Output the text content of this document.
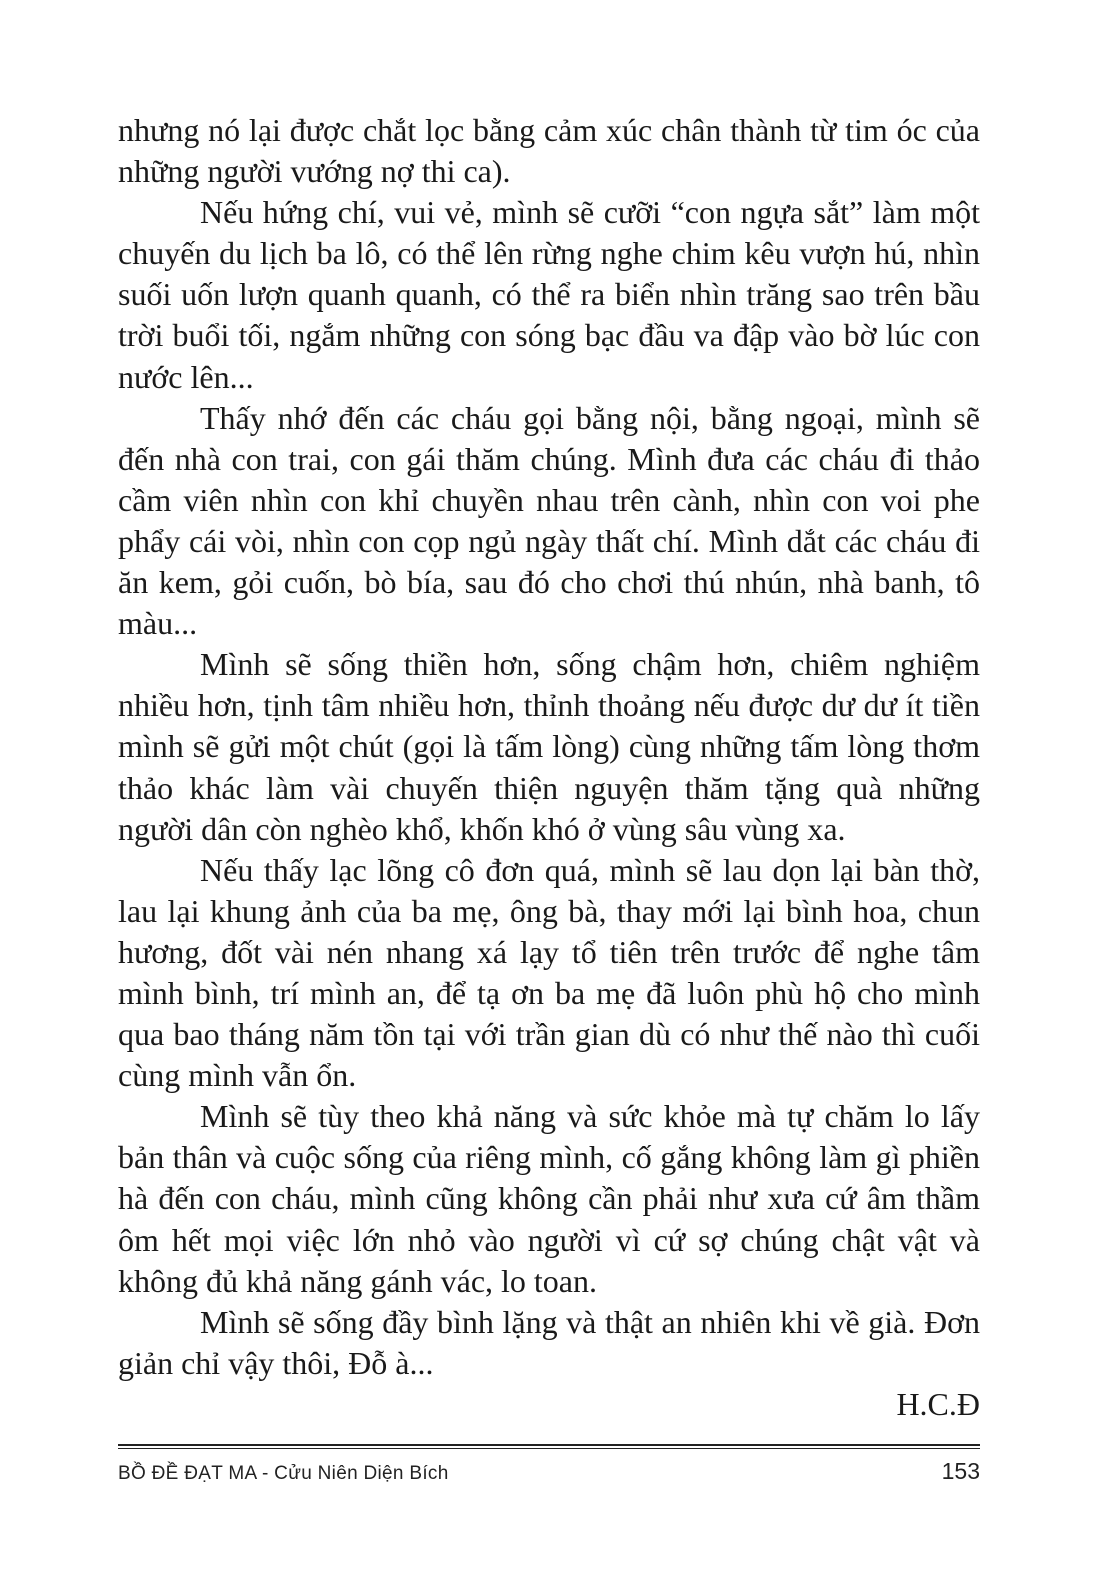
nhưng nó lại được chắt lọc bằng cảm xúc chân thành từ tim óc của những người vướng nợ thi ca).

Nếu hứng chí, vui vẻ, mình sẽ cưỡi “con ngựa sắt” làm một chuyến du lịch ba lô, có thể lên rừng nghe chim kêu vượn hú, nhìn suối uốn lượn quanh quanh, có thể ra biển nhìn trăng sao trên bầu trời buổi tối, ngắm những con sóng bạc đầu va đập vào bờ lúc con nước lên...

Thấy nhớ đến các cháu gọi bằng nội, bằng ngoại, mình sẽ đến nhà con trai, con gái thăm chúng. Mình đưa các cháu đi thảo cầm viên nhìn con khỉ chuyền nhau trên cành, nhìn con voi phe phẩy cái vòi, nhìn con cọp ngủ ngày thất chí. Mình dắt các cháu đi ăn kem, gỏi cuốn, bò bía, sau đó cho chơi thú nhún, nhà banh, tô màu...

Mình sẽ sống thiền hơn, sống chậm hơn, chiêm nghiệm nhiều hơn, tịnh tâm nhiều hơn, thỉnh thoảng nếu được dư dư ít tiền mình sẽ gửi một chút (gọi là tấm lòng) cùng những tấm lòng thơm thảo khác làm vài chuyến thiện nguyện thăm tặng quà những người dân còn nghèo khổ, khốn khó ở vùng sâu vùng xa.

Nếu thấy lạc lõng cô đơn quá, mình sẽ lau dọn lại bàn thờ, lau lại khung ảnh của ba mẹ, ông bà, thay mới lại bình hoa, chun hương, đốt vài nén nhang xá lạy tổ tiên trên trước để nghe tâm mình bình, trí mình an, để tạ ơn ba mẹ đã luôn phù hộ cho mình qua bao tháng năm tồn tại với trần gian dù có như thế nào thì cuối cùng mình vẫn ổn.

Mình sẽ tùy theo khả năng và sức khỏe mà tự chăm lo lấy bản thân và cuộc sống của riêng mình, cố gắng không làm gì phiền hà đến con cháu, mình cũng không cần phải như xưa cứ âm thầm ôm hết mọi việc lớn nhỏ vào người vì cứ sợ chúng chật vật và không đủ khả năng gánh vác, lo toan.

Mình sẽ sống đầy bình lặng và thật an nhiên khi về già. Đơn giản chỉ vậy thôi, Đỗ à...

H.C.Đ

BỒ ĐỀ ĐẠT MA - Cửu Niên Diện Bích	153
